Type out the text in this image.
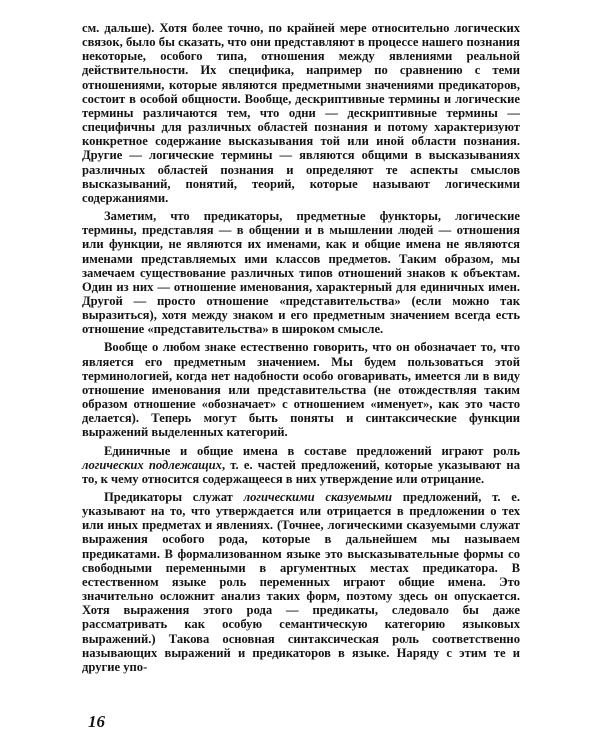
см. дальше). Хотя более точно, по крайней мере относительно логических связок, было бы сказать, что они представляют в процессе нашего познания некоторые, особого типа, отношения между явлениями реальной действительности. Их специфика, например по сравнению с теми отношениями, которые являются предметными значениями предикаторов, состоит в особой общности. Вообще, дескриптивные термины и логические термины различаются тем, что одни — дескриптивные термины — специфичны для различных областей познания и потому характеризуют конкретное содержание высказывания той или иной области познания. Другие — логические термины — являются общими в высказываниях различных областей познания и определяют те аспекты смыслов высказываний, понятий, теорий, которые называют логическими содержаниями.

Заметим, что предикаторы, предметные функторы, логические термины, представляя — в общении и в мышлении людей — отношения или функции, не являются их именами, как и общие имена не являются именами представляемых ими классов предметов. Таким образом, мы замечаем существование различных типов отношений знаков к объектам. Один из них — отношение именования, характерный для единичных имен. Другой — просто отношение «представительства» (если можно так выразиться), хотя между знаком и его предметным значением всегда есть отношение «представительства» в широком смысле.

Вообще о любом знаке естественно говорить, что он обозначает то, что является его предметным значением. Мы будем пользоваться этой терминологией, когда нет надобности особо оговаривать, имеется ли в виду отношение именования или представительства (не отождествляя таким образом отношение «обозначает» с отношением «именует», как это часто делается). Теперь могут быть поняты и синтаксические функции выражений выделенных категорий.

Единичные и общие имена в составе предложений играют роль логических подлежащих, т. е. частей предложений, которые указывают на то, к чему относится содержащееся в них утверждение или отрицание.

Предикаторы служат логическими сказуемыми предложений, т. е. указывают на то, что утверждается или отрицается в предложении о тех или иных предметах и явлениях. (Точнее, логическими сказуемыми служат выражения особого рода, которые в дальнейшем мы называем предикатами. В формализованном языке это высказывательные формы со свободными переменными в аргументных местах предикатора. В естественном языке роль переменных играют общие имена. Это значительно осложнит анализ таких форм, поэтому здесь он опускается. Хотя выражения этого рода — предикаты, следовало бы даже рассматривать как особую семантическую категорию языковых выражений.) Такова основная синтаксическая роль соответственно называющих выражений и предикаторов в языке. Наряду с этим те и другие упо-

16
